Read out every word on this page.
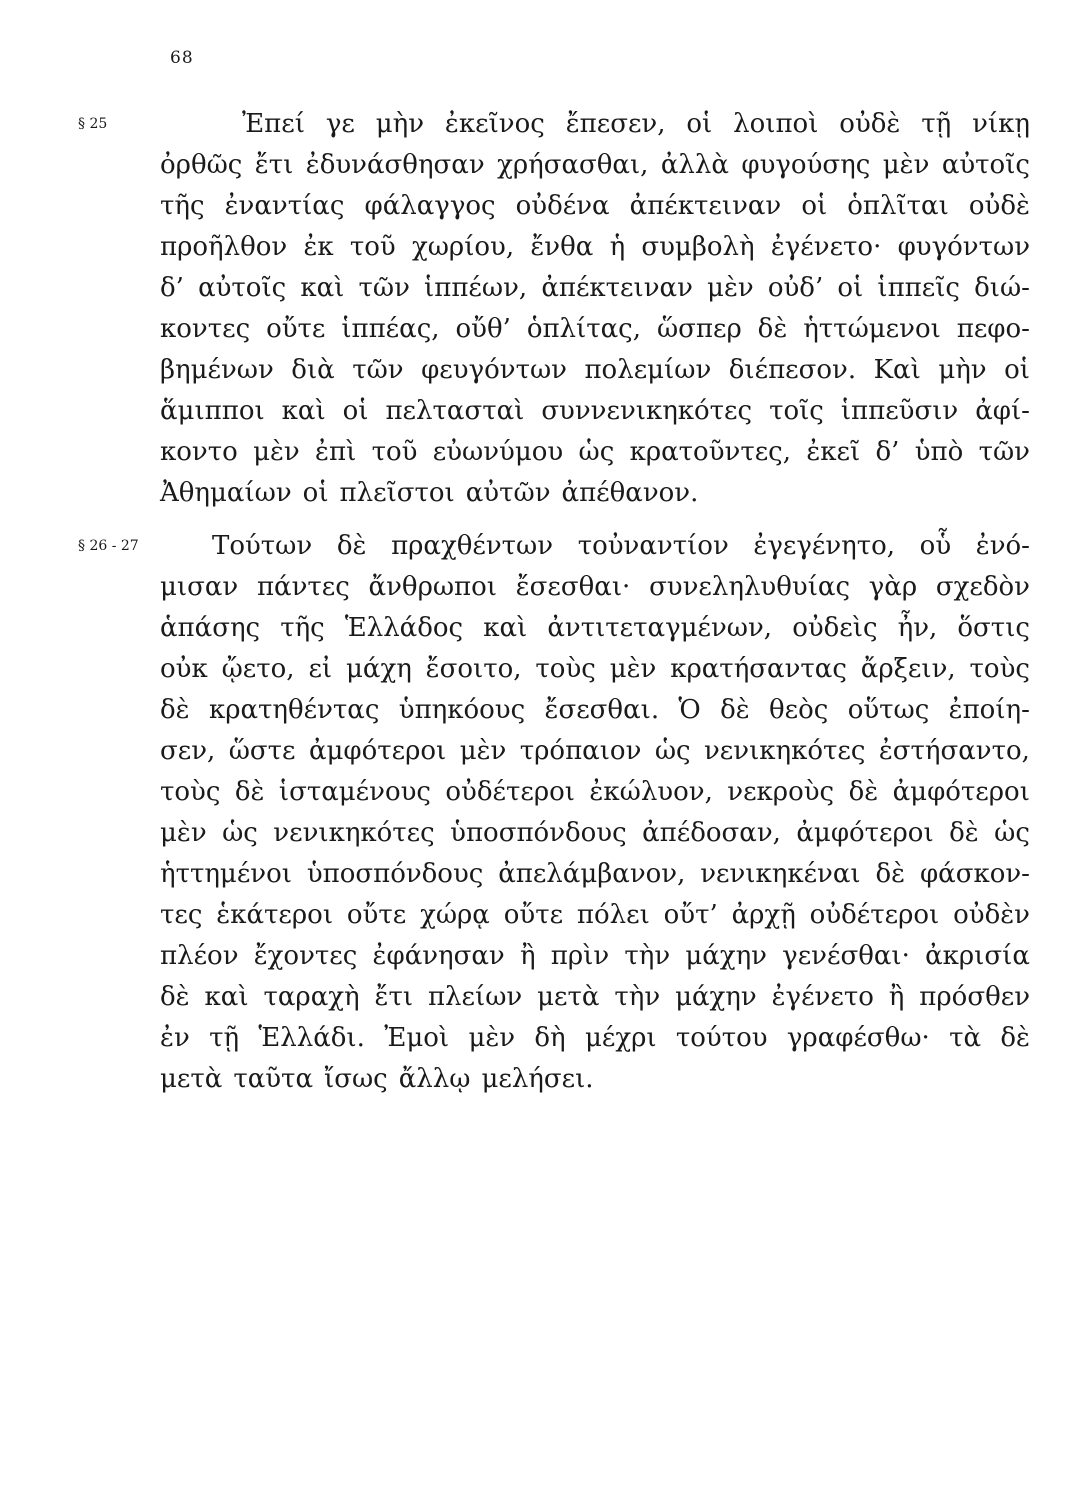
68
§ 25	Ἐπεί γε μὴν ἐκεῖνος ἔπεσεν, οἱ λοιποὶ οὐδὲ τῇ νίκῃ
ὀρθῶς ἔτι ἐδυνάσθησαν χρήσασθαι, ἀλλὰ φυγούσης μὲν αὐτοῖς
τῆς ἐναντίας φάλαγγος οὐδένα ἀπέκτειναν οἱ ὁπλῖται οὐδὲ
προῆλθον ἐκ τοῦ χωρίου, ἔνθα ἡ συμβολὴ ἐγένετο· φυγόντων
δ’ αὐτοῖς καὶ τῶν ἱππέων, ἀπέκτειναν μὲν οὐδ’ οἱ ἱππεῖς διώ-
κοντες οὔτε ἱππέας, οὔθ’ ὁπλίτας, ὥσπερ δὲ ἡττώμενοι πεφο-
βημένων διὰ τῶν φευγόντων πολεμίων διέπεσον. Καὶ μὴν οἱ
ἅμιπποι καὶ οἱ πελτασταὶ συννενικηκότες τοῖς ἱππεῦσιν ἀφί-
κοντο μὲν ἐπὶ τοῦ εὐωνύμου ὡς κρατοῦντες, ἐκεῖ δ’ ὑπὸ τῶν
Ἀθημαίων οἱ πλεῖστοι αὐτῶν ἀπέθανον.
§ 26 - 27	Τούτων δὲ πραχθέντων τοὐναντίον ἐγεγένητο, οὗ ἐνό-
μισαν πάντες ἄνθρωποι ἔσεσθαι· συνεληλυθυίας γὰρ σχεδὸν
ἁπάσης τῆς Ἑλλάδος καὶ ἀντιτεταγμένων, οὐδεὶς ἦν, ὅστις
οὐκ ᾤετο, εἰ μάχη ἔσοιτο, τοὺς μὲν κρατήσαντας ἄρξειν, τοὺς
δὲ κρατηθέντας ὑπηκόους ἔσεσθαι. Ὁ δὲ θεὸς οὕτως ἐποίη-
σεν, ὥστε ἀμφότεροι μὲν τρόπαιον ὡς νενικηκότες ἐστήσαντο,
τοὺς δὲ ἱσταμένους οὐδέτεροι ἐκώλυον, νεκροὺς δὲ ἀμφότεροι
μὲν ὡς νενικηκότες ὑποσπόνδους ἀπέδοσαν, ἀμφότεροι δὲ ὡς
ἡττημένοι ὑποσπόνδους ἀπελάμβανον, νενικηκέναι δὲ φάσκον-
τες ἑκάτεροι οὔτε χώρᾳ οὔτε πόλει οὔτ’ ἀρχῇ οὐδέτεροι οὐδὲν
πλέον ἔχοντες ἐφάνησαν ἢ πρὶν τὴν μάχην γενέσθαι· ἀκρισία
δὲ καὶ ταραχὴ ἔτι πλείων μετὰ τὴν μάχην ἐγένετο ἢ πρόσθεν
ἐν τῇ Ἑλλάδι. Ἐμοὶ μὲν δὴ μέχρι τούτου γραφέσθω· τὰ δὲ
μετὰ ταῦτα ἴσως ἄλλῳ μελήσει.
